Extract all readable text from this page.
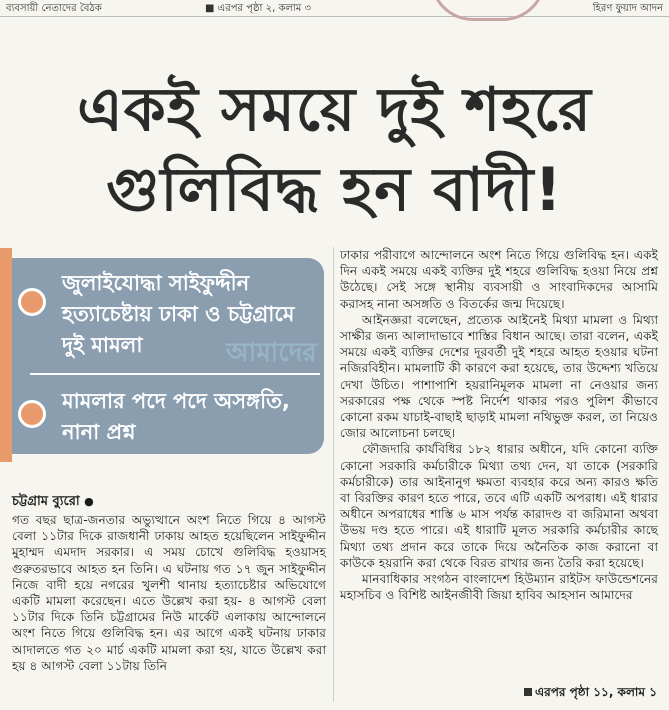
ব্যবসায়ী নেতাদের বৈঠক	■ এরপর পৃষ্ঠা ২, কলাম ৩	হিরণ ফুয়াদ আদন
একই সময়ে দুই শহরে
গুলিবিদ্ধ হন বাদী!
জুলাইযোদ্ধা সাইফুদ্দীন হত্যাচেষ্টায় ঢাকা ও চট্টগ্রামে দুই মামলা
মামলার পদে পদে অসঙ্গতি, নানা প্রশ্ন
আমাদের
চট্টগ্রাম ব্যুরো ●

গত বছর ছাত্র-জনতার অভ্যুত্থানে অংশ নিতে গিয়ে ৪ আগস্ট বেলা ১১টার দিকে রাজধানী ঢাকায় আহত হয়েছিলেন সাইফুদ্দীন মুহাম্মদ এমদাদ সরকার। এ সময় চোখে গুলিবিদ্ধ হওয়াসহ গুরুতরভাবে আহত হন তিনি। এ ঘটনায় গত ১৭ জুন সাইফুদ্দীন নিজে বাদী হয়ে নগরের খুলশী থানায় হত্যাচেষ্টার অভিযোগে একটি মামলা করেছেন। এতে উল্লেখ করা হয়- ৪ আগস্ট বেলা ১১টার দিকে তিনি চট্টগ্রামের নিউ মার্কেট এলাকায় আন্দোলনে অংশ নিতে গিয়ে গুলিবিদ্ধ হন। এর আগে একই ঘটনায় ঢাকার আদালতে গত ২০ মার্চ একটি মামলা করা হয়, যাতে উল্লেখ করা হয় ৪ আগস্ট বেলা ১১টায় তিনি

ঢাকার পরীবাগে আন্দোলনে অংশ নিতে গিয়ে গুলিবিদ্ধ হন। একই দিন একই সময়ে একই ব্যক্তির দুই শহরে গুলিবিদ্ধ হওয়া নিয়ে প্রশ্ন উঠেছে। সেই সঙ্গে স্থানীয় ব্যবসায়ী ও সাংবাদিকদের আসামি করাসহ নানা অসঙ্গতি ও বিতর্কের জন্ম দিয়েছে।

আইনজ্ঞরা বলেছেন, প্রত্যেক আইনেই মিথ্যা মামলা ও মিথ্যা সাক্ষীর জন্য আলাদাভাবে শাস্তির বিধান আছে। তারা বলেন, একই সময়ে একই ব্যক্তির দেশের দূরবর্তী দুই শহরে আহত হওয়ার ঘটনা নজিরবিহীন। মামলাটি কী কারণে করা হয়েছে, তার উদ্দেশ্য খতিয়ে দেখা উচিত। পাশাপাশি হয়রানিমূলক মামলা না নেওয়ার জন্য সরকারের পক্ষ থেকে স্পষ্ট নির্দেশ থাকার পরও পুলিশ কীভাবে কোনো রকম যাচাই-বাছাই ছাড়াই মামলা নথিভুক্ত করল, তা নিয়েও জোর আলোচনা চলছে।

ফৌজদারি কার্যবিধির ১৮২ ধারার অধীনে, যদি কোনো ব্যক্তি কোনো সরকারি কর্মচারীকে মিথ্যা তথ্য দেন, যা তাকে (সরকারি কর্মচারীকে) তার আইনানুগ ক্ষমতা ব্যবহার করে অন্য কারও ক্ষতি বা বিরক্তির কারণ হতে পারে, তবে এটি একটি অপরাধ। এই ধারার অধীনে অপরাধের শাস্তি ৬ মাস পর্যন্ত কারাদণ্ড বা জরিমানা অথবা উভয় দণ্ড হতে পারে। এই ধারাটি মূলত সরকারি কর্মচারীর কাছে মিথ্যা তথ্য প্রদান করে তাকে দিয়ে অনৈতিক কাজ করানো বা কাউকে হয়রানি করা থেকে বিরত রাখার জন্য তৈরি করা হয়েছে।

মানবাধিকার সংগঠন বাংলাদেশ হিউম্যান রাইটস ফাউন্ডেশনের মহাসচিব ও বিশিষ্ট আইনজীবী জিয়া হাবিব আহসান আমাদের

এরপর পৃষ্ঠা ১১, কলাম ১
